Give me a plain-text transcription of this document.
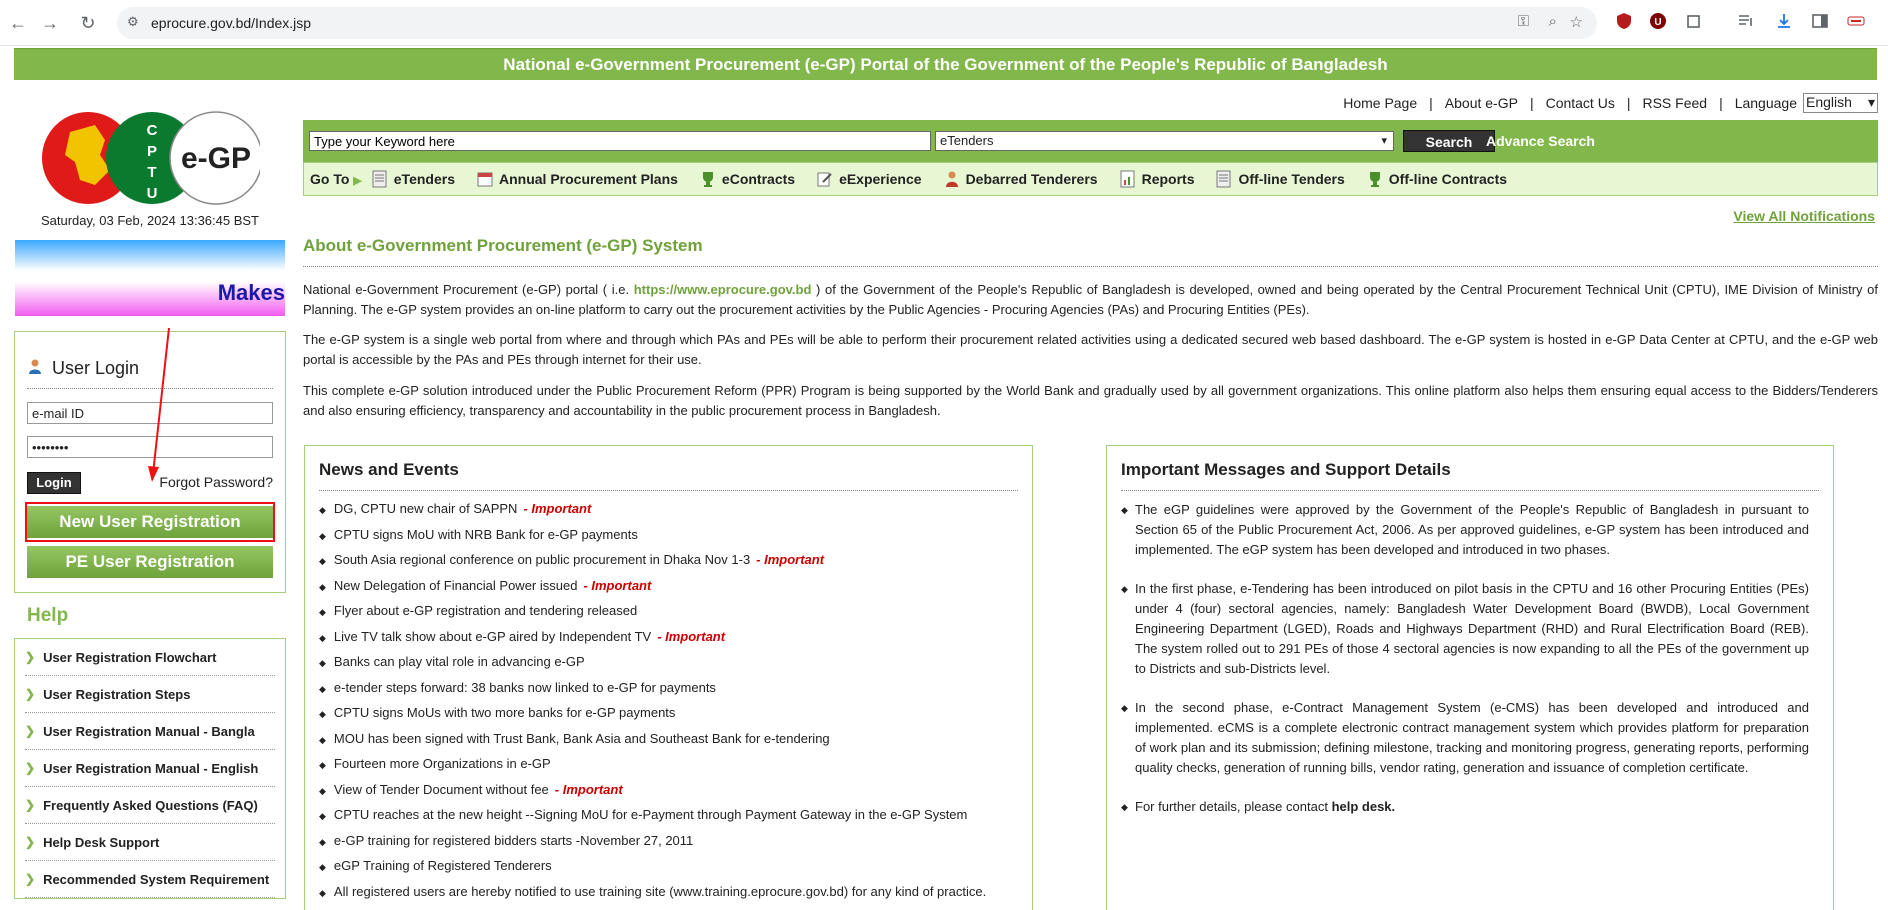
← → ↻	⚙ eprocure.gov.bd/Index.jsp	⚿ ⌕ ☆	U
National e-Government Procurement (e-GP) Portal of the Government of the People's Republic of Bangladesh
Home Page | About e-GP | Contact Us | RSS Feed | Language English ▾
C
P
T
U
e-GP
Saturday, 03 Feb, 2024 13:36:45 BST
Makes
User Login
e-mail ID
••••••••
Login	Forgot Password?
New User Registration
PE User Registration
Help
❯ User Registration Flowchart
❯ User Registration Steps
❯ User Registration Manual - Bangla
❯ User Registration Manual - English
❯ Frequently Asked Questions (FAQ)
❯ Help Desk Support
❯ Recommended System Requirement
Type your Keyword here
eTenders	▾	Search Advance Search
Go To ▶ eTenders	Annual Procurement Plans	eContracts	eExperience	Debarred Tenderers	Reports	Off-line Tenders	Off-line Contracts
View All Notifications
About e-Government Procurement (e-GP) System
National e-Government Procurement (e-GP) portal ( i.e. https://www.eprocure.gov.bd ) of the Government of the People's Republic of Bangladesh is developed, owned and being operated by the Central Procurement Technical Unit (CPTU), IME Division of Ministry of Planning. The e-GP system provides an on-line platform to carry out the procurement activities by the Public Agencies - Procuring Agencies (PAs) and Procuring Entities (PEs).
The e-GP system is a single web portal from where and through which PAs and PEs will be able to perform their procurement related activities using a dedicated secured web based dashboard. The e-GP system is hosted in e-GP Data Center at CPTU, and the e-GP web portal is accessible by the PAs and PEs through internet for their use.
This complete e-GP solution introduced under the Public Procurement Reform (PPR) Program is being supported by the World Bank and gradually used by all government organizations. This online platform also helps them ensuring equal access to the Bidders/Tenderers and also ensuring efficiency, transparency and accountability in the public procurement process in Bangladesh.
News and Events
◆ DG, CPTU new chair of SAPPN - Important
◆ CPTU signs MoU with NRB Bank for e-GP payments
◆ South Asia regional conference on public procurement in Dhaka Nov 1-3 - Important
◆ New Delegation of Financial Power issued - Important
◆ Flyer about e-GP registration and tendering released
◆ Live TV talk show about e-GP aired by Independent TV - Important
◆ Banks can play vital role in advancing e-GP
◆ e-tender steps forward: 38 banks now linked to e-GP for payments
◆ CPTU signs MoUs with two more banks for e-GP payments
◆ MOU has been signed with Trust Bank, Bank Asia and Southeast Bank for e-tendering
◆ Fourteen more Organizations in e-GP
◆ View of Tender Document without fee - Important
◆ CPTU reaches at the new height --Signing MoU for e-Payment through Payment Gateway in the e-GP System
◆ e-GP training for registered bidders starts -November 27, 2011
◆ eGP Training of Registered Tenderers
◆ All registered users are hereby notified to use training site (www.training.eprocure.gov.bd) for any kind of practice.
Important Messages and Support Details
◆ The eGP guidelines were approved by the Government of the People's Republic of Bangladesh in pursuant to Section 65 of the Public Procurement Act, 2006. As per approved guidelines, e-GP system has been introduced and implemented. The eGP system has been developed and introduced in two phases.
◆ In the first phase, e-Tendering has been introduced on pilot basis in the CPTU and 16 other Procuring Entities (PEs) under 4 (four) sectoral agencies, namely: Bangladesh Water Development Board (BWDB), Local Government Engineering Department (LGED), Roads and Highways Department (RHD) and Rural Electrification Board (REB). The system rolled out to 291 PEs of those 4 sectoral agencies is now expanding to all the PEs of the government up to Districts and sub-Districts level.
◆ In the second phase, e-Contract Management System (e-CMS) has been developed and introduced and implemented. eCMS is a complete electronic contract management system which provides platform for preparation of work plan and its submission; defining milestone, tracking and monitoring progress, generating reports, performing quality checks, generation of running bills, vendor rating, generation and issuance of completion certificate.
◆ For further details, please contact help desk.
